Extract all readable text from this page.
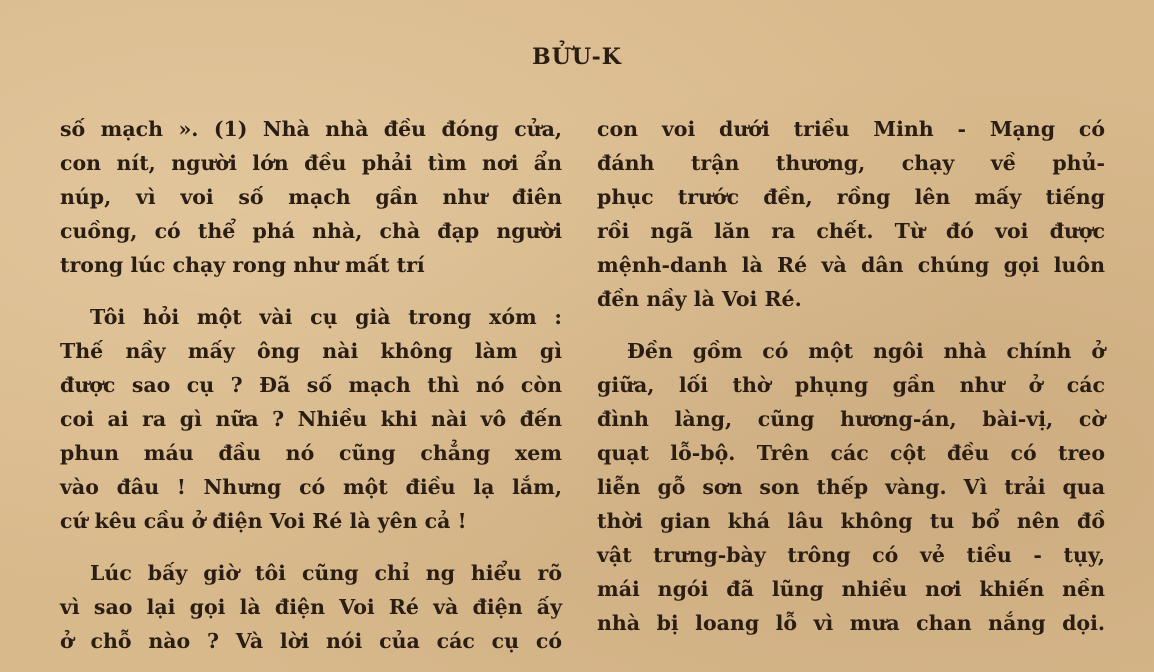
BỬU-K
số mạch ». (1) Nhà nhà đều đóng cửa,
con nít, người lớn đều phải tìm nơi ẩn
núp, vì voi số mạch gần như điên
cuồng, có thể phá nhà, chà đạp người
trong lúc chạy rong như mất trí
Tôi hỏi một vài cụ già trong xóm :
Thế nầy mấy ông nài không làm gì
được sao cụ ? Đã số mạch thì nó còn
coi ai ra gì nữa ? Nhiều khi nài vô đến
phun máu đầu nó cũng chẳng xem
vào đâu ! Nhưng có một điều lạ lắm,
cứ kêu cầu ở điện Voi Ré là yên cả !
Lúc bấy giờ tôi cũng chỉ ng hiểu rõ
vì sao lại gọi là điện Voi Ré và điện ấy
ở chỗ nào ? Và lời nói của các cụ có
con voi dưới triều Minh - Mạng có
đánh trận thương, chạy về phủ-
phục trước đền, rồng lên mấy tiếng
rồi ngã lăn ra chết. Từ đó voi được
mệnh-danh là Ré và dân chúng gọi luôn
đền nầy là Voi Ré.
Đền gồm có một ngôi nhà chính ở
giữa, lối thờ phụng gần như ở các
đình làng, cũng hương-án, bài-vị, cờ
quạt lỗ-bộ. Trên các cột đều có treo
liễn gỗ sơn son thếp vàng. Vì trải qua
thời gian khá lâu không tu bổ nên đồ
vật trưng-bày trông có vẻ tiều - tụy,
mái ngói đã lũng nhiều nơi khiến nền
nhà bị loang lỗ vì mưa chan nắng dọi.
